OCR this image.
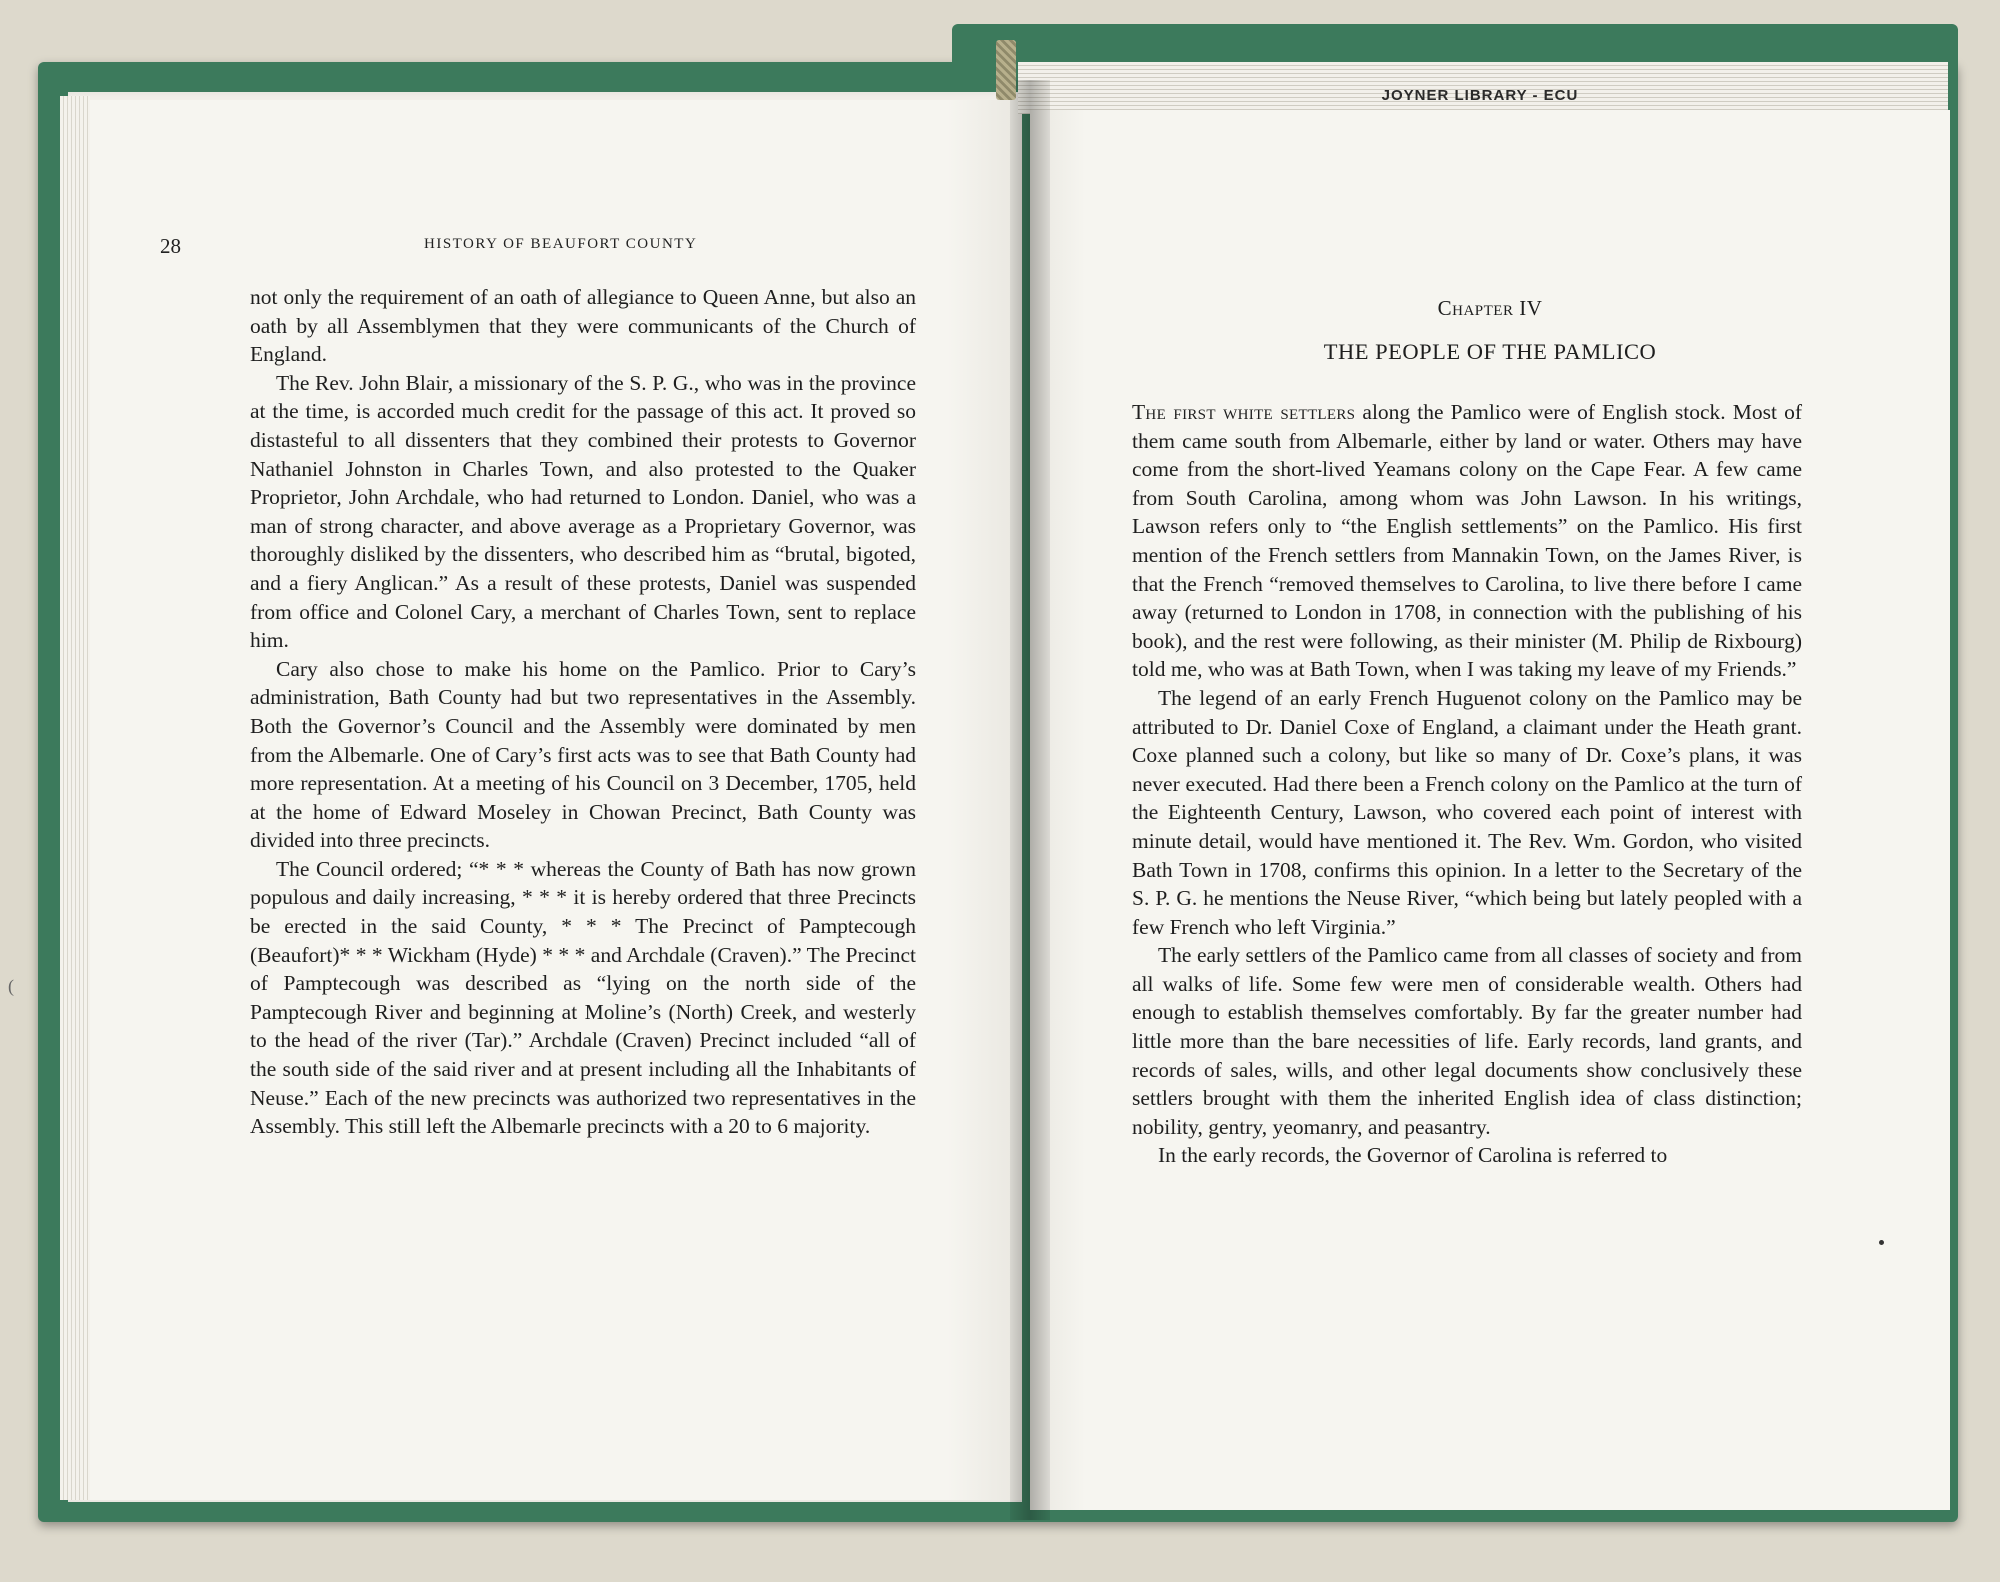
JOYNER LIBRARY - ECU
(
28	HISTORY OF BEAUFORT COUNTY

not only the requirement of an oath of allegiance to Queen Anne, but also an oath by all Assemblymen that they were communicants of the Church of England.

The Rev. John Blair, a missionary of the S. P. G., who was in the province at the time, is accorded much credit for the passage of this act. It proved so distasteful to all dissenters that they combined their protests to Governor Nathaniel Johnston in Charles Town, and also protested to the Quaker Proprietor, John Archdale, who had returned to London. Daniel, who was a man of strong character, and above average as a Proprietary Governor, was thoroughly disliked by the dissenters, who described him as “brutal, bigoted, and a fiery Anglican.” As a result of these protests, Daniel was suspended from office and Colonel Cary, a merchant of Charles Town, sent to replace him.

Cary also chose to make his home on the Pamlico. Prior to Cary’s administration, Bath County had but two representatives in the Assembly. Both the Governor’s Council and the Assembly were dominated by men from the Albemarle. One of Cary’s first acts was to see that Bath County had more representation. At a meeting of his Council on 3 December, 1705, held at the home of Edward Moseley in Chowan Precinct, Bath County was divided into three precincts.

The Council ordered; “* * * whereas the County of Bath has now grown populous and daily increasing, * * * it is hereby ordered that three Precincts be erected in the said County, * * * The Precinct of Pamptecough (Beaufort)* * * Wickham (Hyde) * * * and Archdale (Craven).” The Precinct of Pamptecough was described as “lying on the north side of the Pamptecough River and beginning at Moline’s (North) Creek, and westerly to the head of the river (Tar).” Archdale (Craven) Precinct included “all of the south side of the said river and at present including all the Inhabitants of Neuse.” Each of the new precincts was authorized two representatives in the Assembly. This still left the Albemarle precincts with a 20 to 6 majority.

Chapter IV
THE PEOPLE OF THE PAMLICO

The first white settlers along the Pamlico were of English stock. Most of them came south from Albemarle, either by land or water. Others may have come from the short-lived Yeamans colony on the Cape Fear. A few came from South Carolina, among whom was John Lawson. In his writings, Lawson refers only to “the English settlements” on the Pamlico. His first mention of the French settlers from Mannakin Town, on the James River, is that the French “removed themselves to Carolina, to live there before I came away (returned to London in 1708, in connection with the publishing of his book), and the rest were following, as their minister (M. Philip de Rixbourg) told me, who was at Bath Town, when I was taking my leave of my Friends.”

The legend of an early French Huguenot colony on the Pamlico may be attributed to Dr. Daniel Coxe of England, a claimant under the Heath grant. Coxe planned such a colony, but like so many of Dr. Coxe’s plans, it was never executed. Had there been a French colony on the Pamlico at the turn of the Eighteenth Century, Lawson, who covered each point of interest with minute detail, would have mentioned it. The Rev. Wm. Gordon, who visited Bath Town in 1708, confirms this opinion. In a letter to the Secretary of the S. P. G. he mentions the Neuse River, “which being but lately peopled with a few French who left Virginia.”

The early settlers of the Pamlico came from all classes of society and from all walks of life. Some few were men of considerable wealth. Others had enough to establish themselves comfortably. By far the greater number had little more than the bare necessities of life. Early records, land grants, and records of sales, wills, and other legal documents show conclusively these settlers brought with them the inherited English idea of class distinction; nobility, gentry, yeomanry, and peasantry.

In the early records, the Governor of Carolina is referred to
